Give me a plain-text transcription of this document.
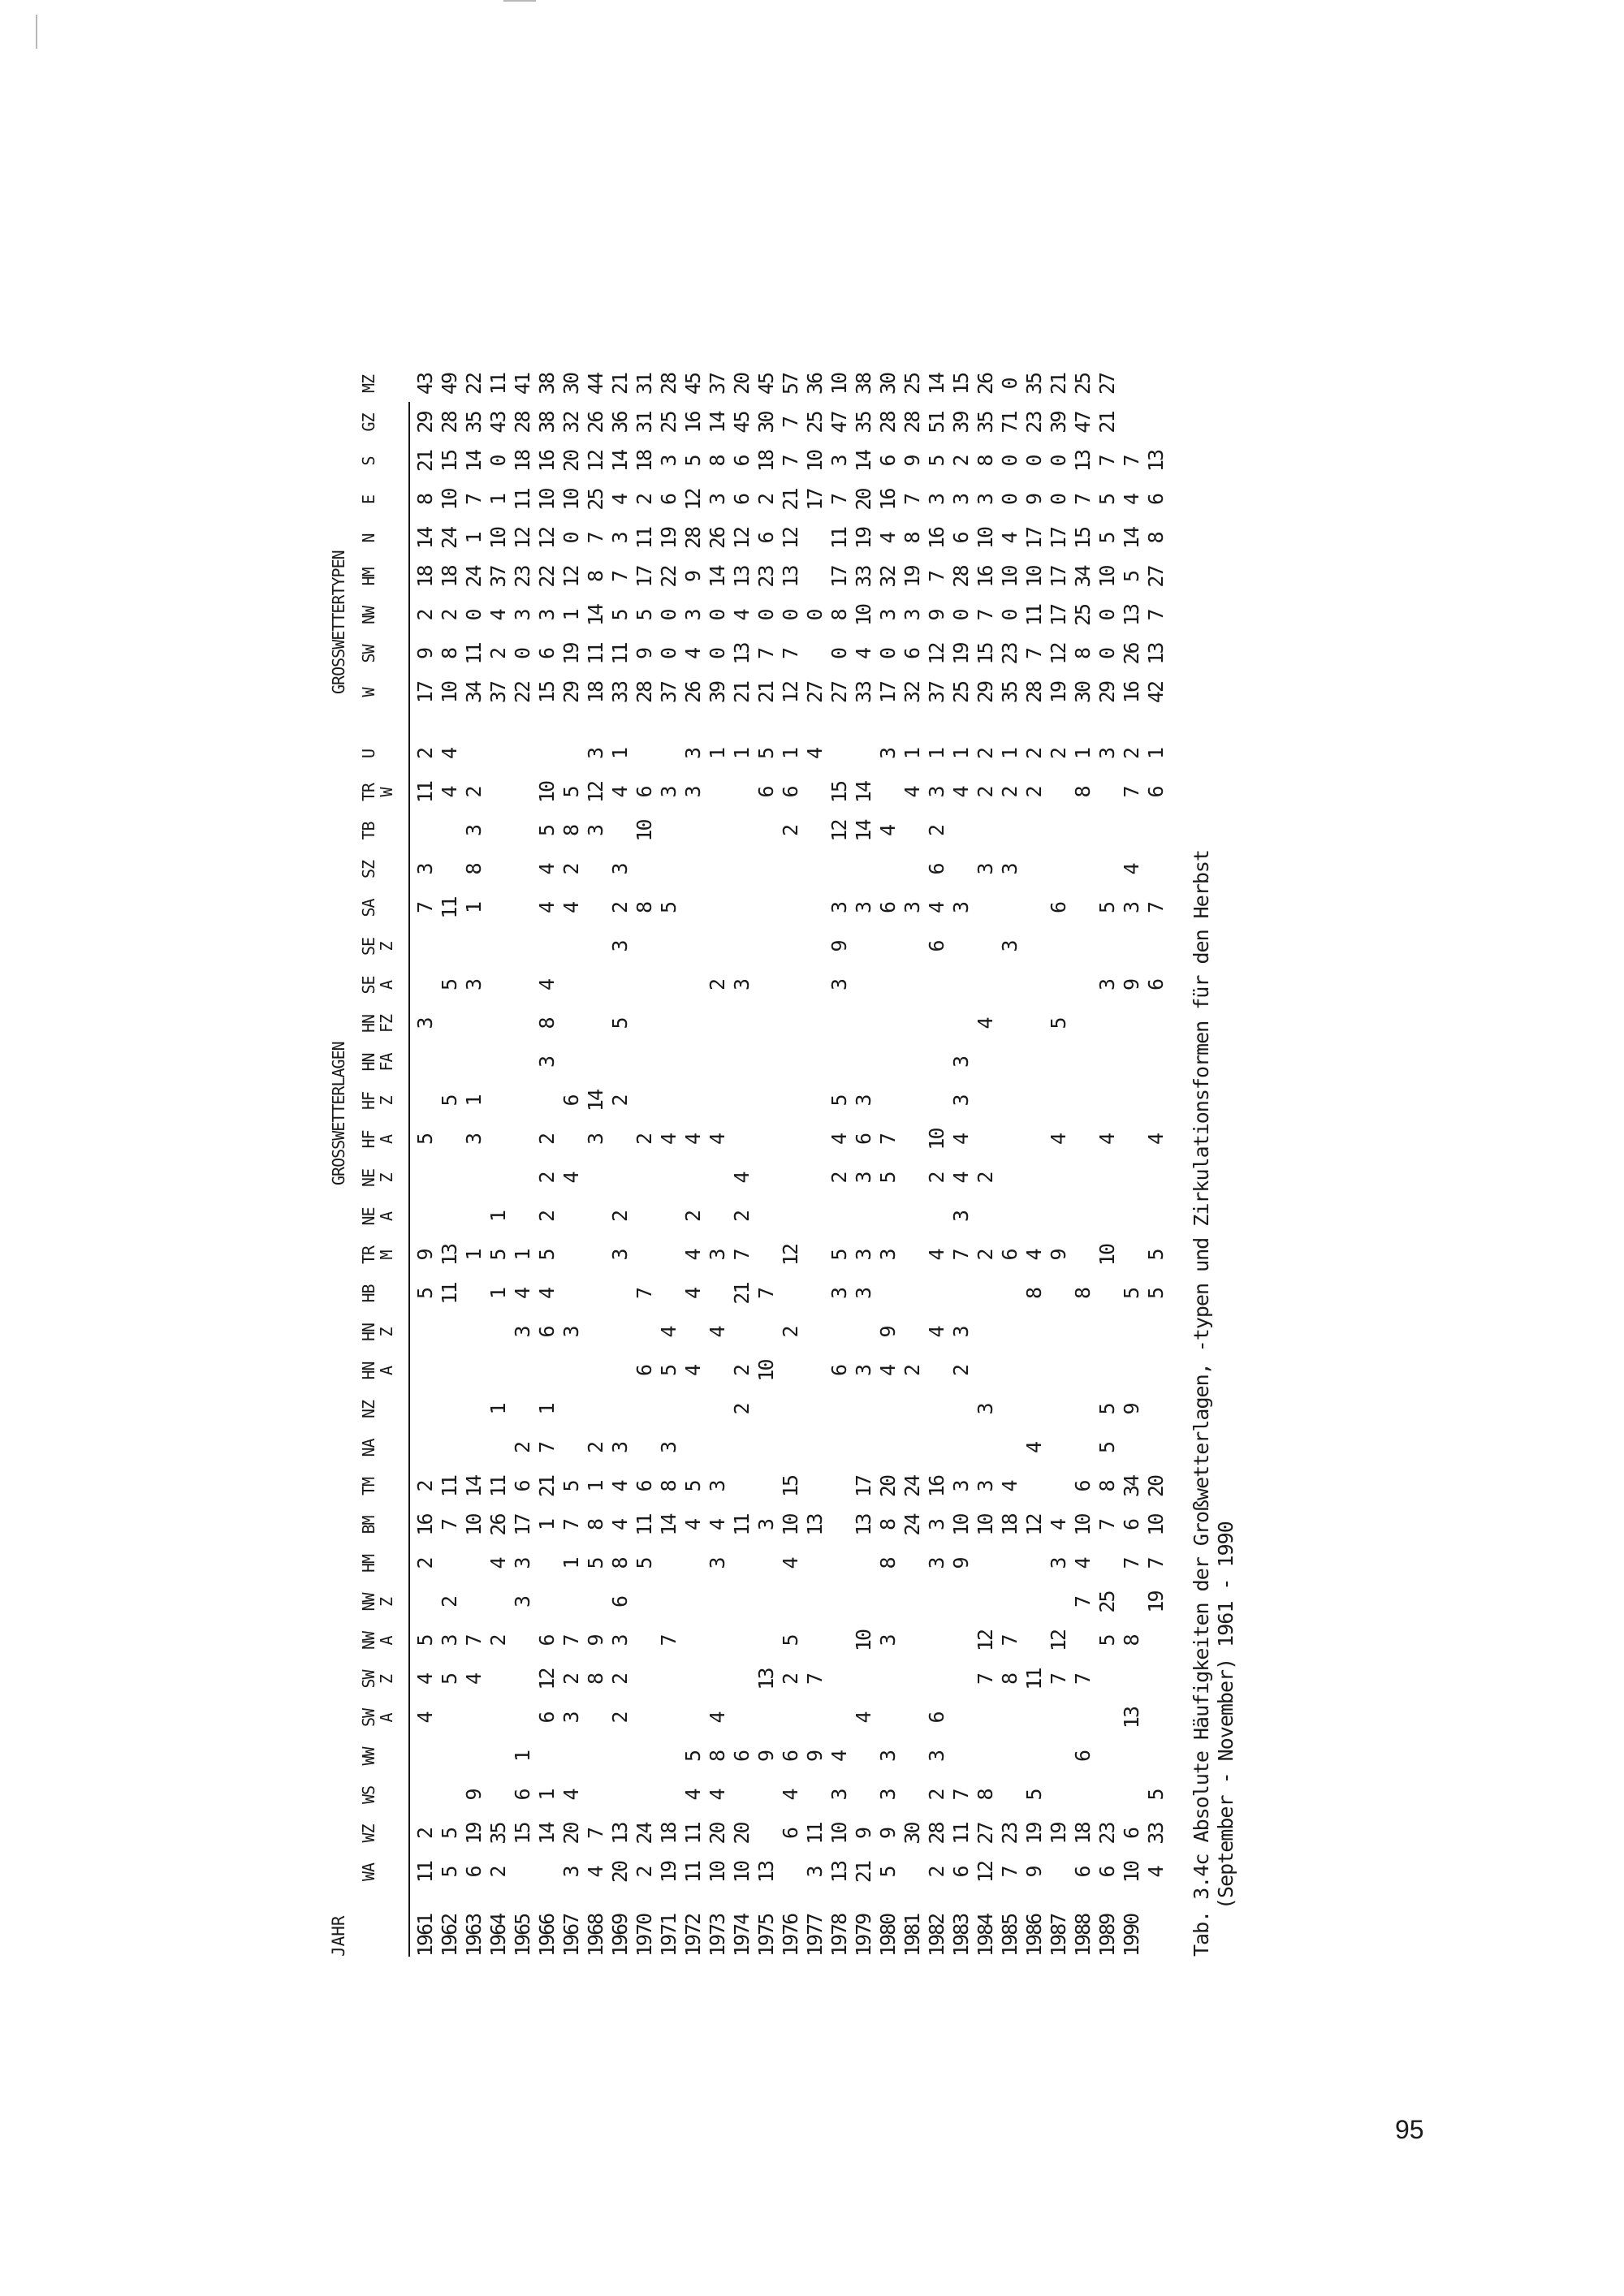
JAHR
GROSSWETTERLAGEN
GROSSWETTERTYPEN
WA
WZ
WS
WW
SW
A
SW
Z
NW
A
NW
Z
HM
BM
TM
NA
NZ
HN
A
HN
Z
HB
TR
M
NE
A
NE
Z
HF
A
HF
Z
HN
FA
HN
FZ
SE
A
SE
Z
SA
SZ
TB
TR
W
U
W
SW
NW
HM
N
E
S
GZ
MZ
1961
11
2
4
4
5
2
16
2
5
9
5
3
7
3
11
2
17
9
2
18
14
8
21
29
43
1962
5
5
5
3
2
7
11
11
13
5
5
11
4
4
10
8
2
18
24
10
15
28
49
1963
6
19
9
4
7
10
14
1
3
1
3
1
8
3
2
34
11
0
24
1
7
14
35
22
1964
2
35
2
4
26
11
1
1
5
1
37
2
4
37
10
1
0
43
11
1965
15
6
1
3
3
17
6
2
3
4
1
22
0
3
23
12
11
18
28
41
1966
14
1
6
12
6
1
21
7
1
6
4
5
2
2
2
3
8
4
4
4
5
10
15
6
3
22
12
10
16
38
38
1967
3
20
4
3
2
7
1
7
5
3
4
6
4
2
8
5
29
19
1
12
0
10
20
32
30
1968
4
7
8
9
5
8
1
2
3
14
3
12
3
18
11
14
8
7
25
12
26
44
1969
20
13
2
2
3
6
8
4
4
3
3
2
2
5
3
2
3
4
1
33
11
5
7
3
4
14
36
21
1970
2
24
5
11
6
6
7
2
8
10
6
28
9
5
17
11
2
18
31
31
1971
19
18
7
14
8
3
5
4
4
5
3
37
0
0
22
19
6
3
25
28
1972
11
11
4
5
4
5
4
4
4
2
4
3
3
26
4
3
9
28
12
5
16
45
1973
10
20
4
8
4
3
4
3
4
3
4
2
1
39
0
0
14
26
3
8
14
37
1974
10
20
6
11
2
2
21
7
2
4
3
1
21
13
4
13
12
6
6
45
20
1975
13
9
13
3
10
7
6
5
21
7
0
23
6
2
18
30
45
1976
6
4
6
2
5
4
10
15
2
12
2
6
1
12
7
0
13
12
21
7
7
57
1977
3
11
9
7
13
4
27
0
17
10
25
36
1978
13
10
3
4
6
3
5
2
4
5
3
9
3
12
15
27
0
8
17
11
7
3
47
10
1979
21
9
4
10
13
17
3
3
3
3
6
3
3
14
14
33
4
10
33
19
20
14
35
38
1980
5
9
3
3
3
8
8
20
4
9
3
5
7
6
4
3
17
0
3
32
4
16
6
28
30
1981
30
24
24
2
3
4
1
32
6
3
19
8
7
9
28
25
1982
2
28
2
3
6
3
3
16
4
4
2
10
6
4
6
2
3
1
37
12
9
7
16
3
5
51
14
1983
6
11
7
9
10
3
2
3
7
3
4
4
3
3
3
4
1
25
19
0
28
6
3
2
39
15
1984
12
27
8
7
12
10
3
3
2
2
4
3
2
2
29
15
7
16
10
3
8
35
26
1985
7
23
8
7
18
4
6
3
3
2
1
35
23
0
10
4
0
0
71
0
1986
9
19
5
11
12
4
8
4
2
2
28
7
11
10
17
9
0
23
35
1987
19
7
12
3
4
9
4
5
6
2
19
12
17
17
17
0
0
39
21
1988
6
18
6
7
7
4
10
6
8
8
1
30
8
25
34
15
7
13
47
25
1989
6
23
5
25
7
8
5
5
10
4
3
5
3
29
0
0
10
5
5
7
21
27
1990
10
6
13
8
7
6
34
9
5
9
3
4
7
2
16
26
13
5
14
4
7
4
33
5
19
7
10
20
5
5
4
6
7
6
1
42
13
7
27
8
6
13
Tab. 3.4c Absolute Häufigkeiten der Großwetterlagen, -typen und Zirkulationsformen für den Herbst (September - November) 1961 - 1990
95
